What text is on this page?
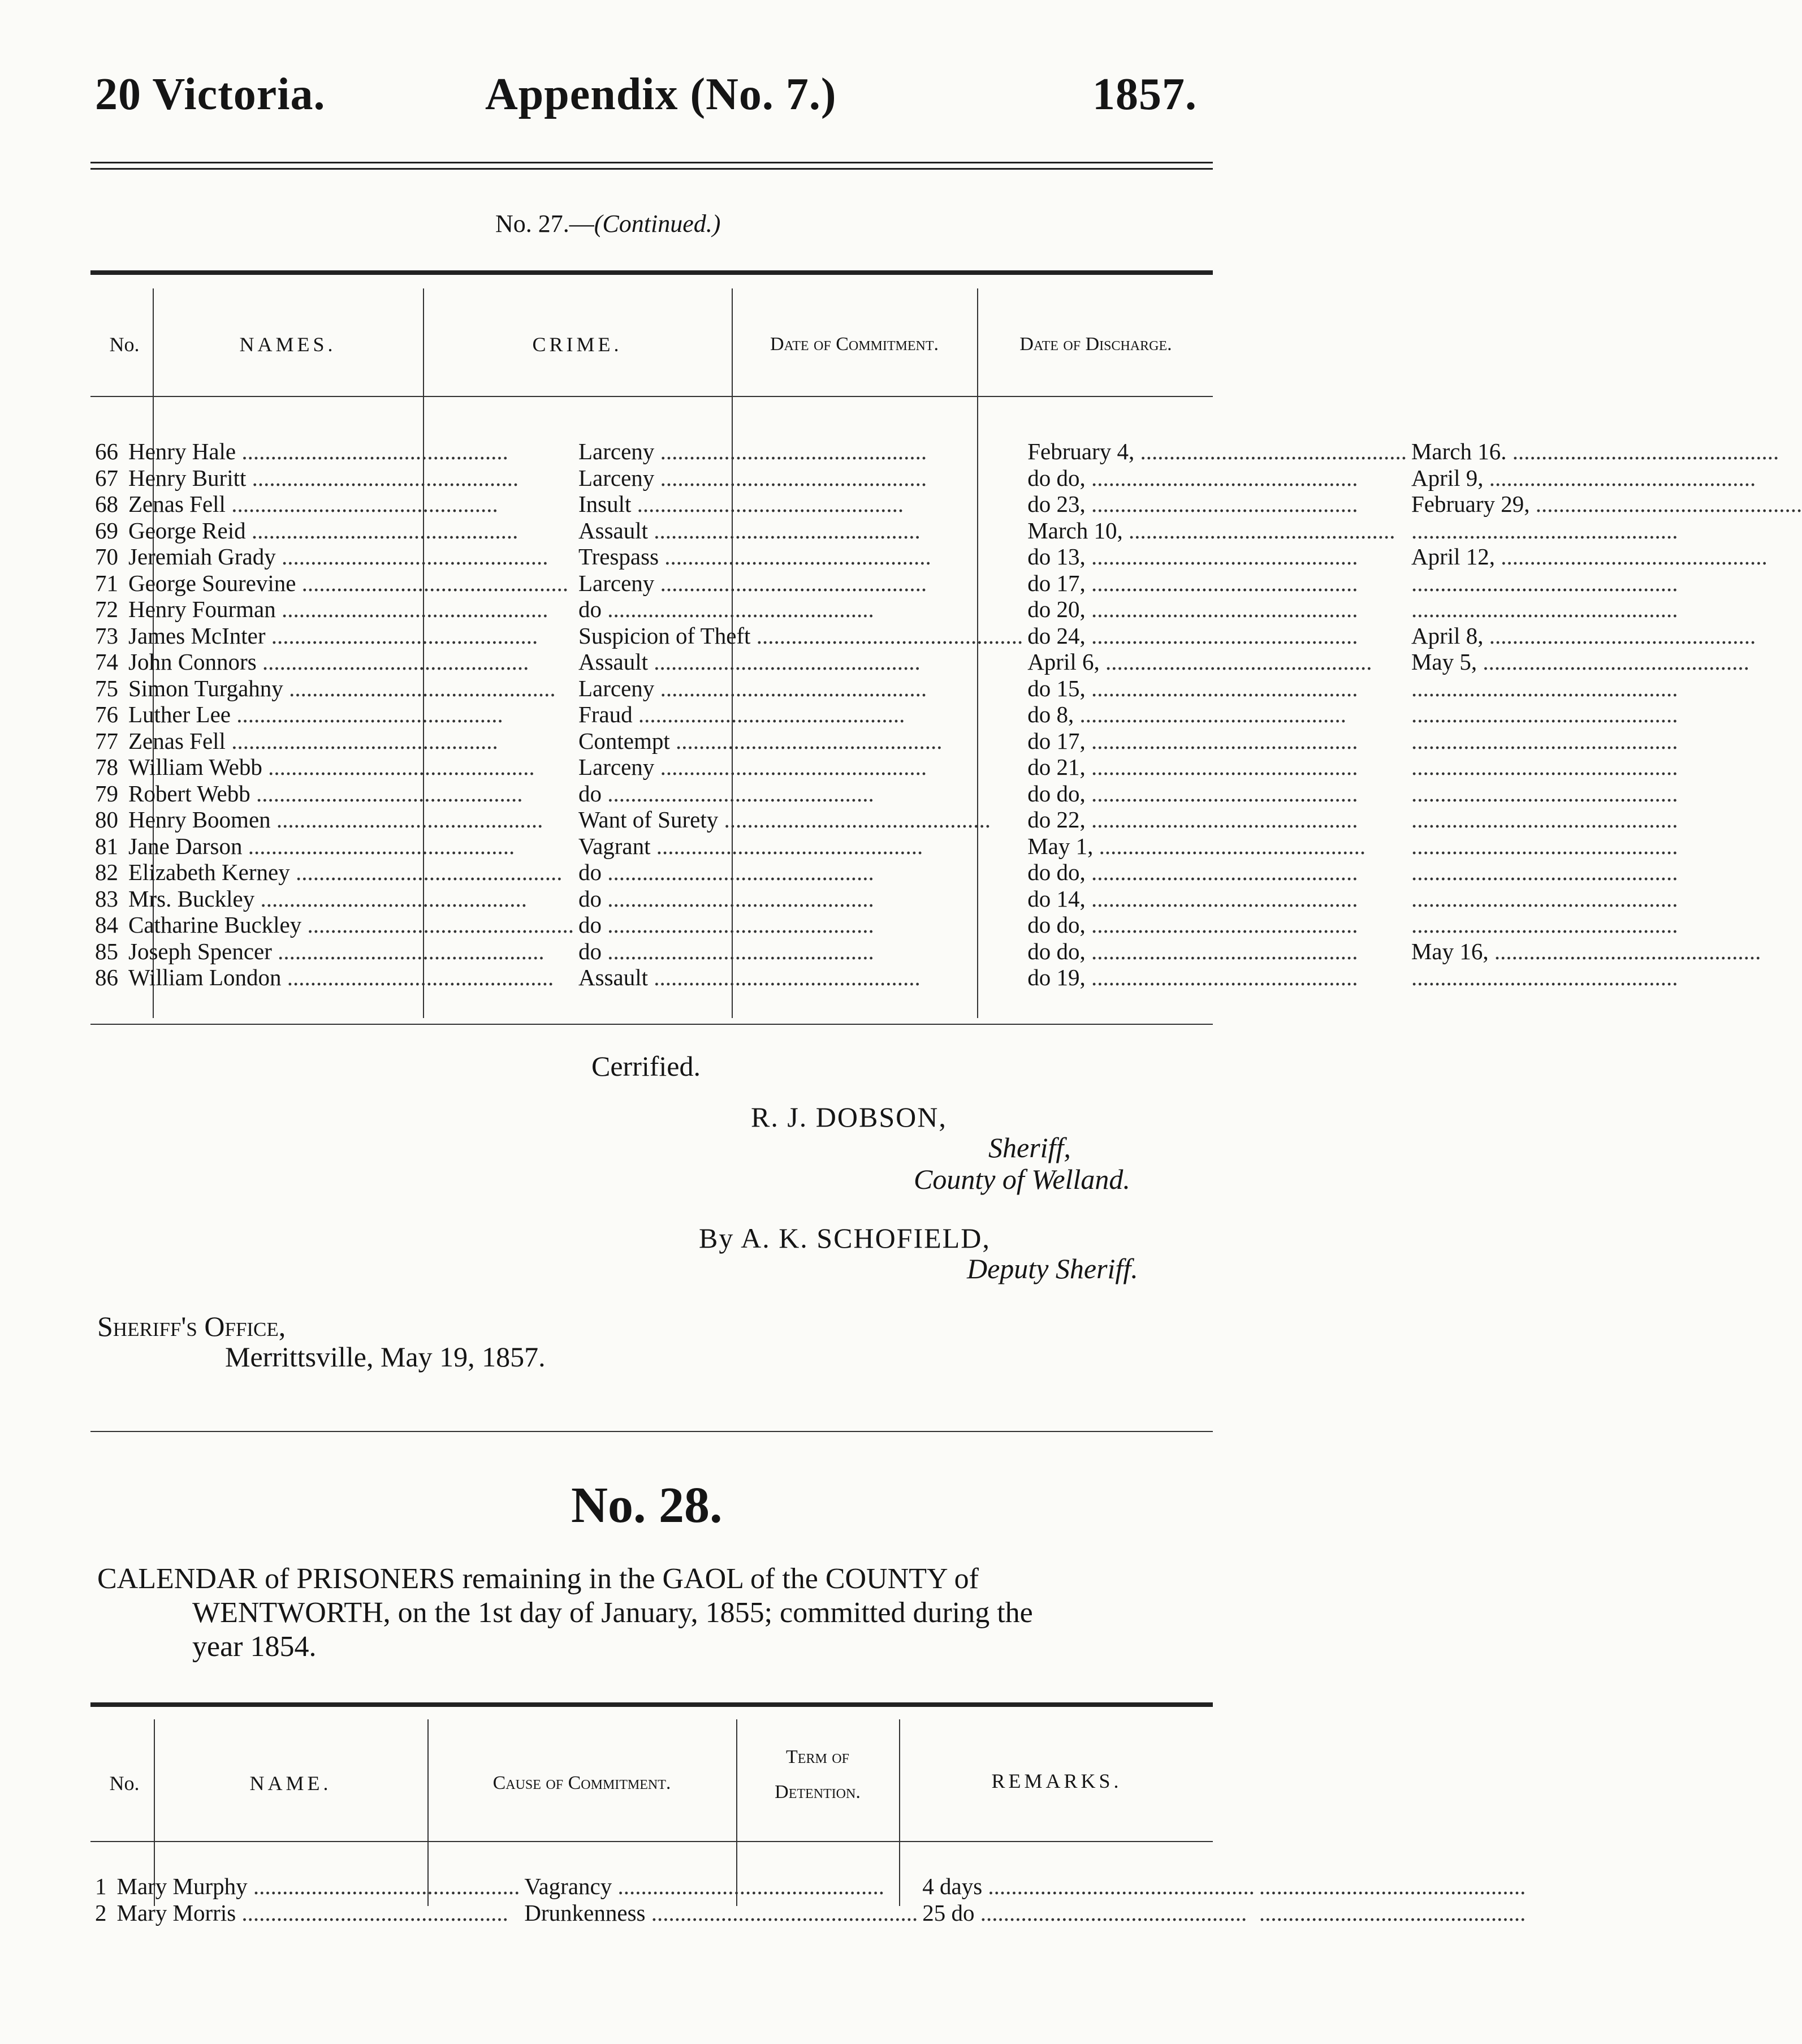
20 Victoria.	Appendix (No. 7.)	1857.
No. 27.—(Continued.)
No.	NAMES.	CRIME.	Date of Commitment.	Date of Discharge.
66	Henry Hale ..............................................	Larceny ..............................................	February 4, ..............................................	March 16. ..............................................
67	Henry Buritt ..............................................	Larceny ..............................................	do do, ..............................................	April 9, ..............................................
68	Zenas Fell ..............................................	Insult ..............................................	do 23, ..............................................	February 29, ..............................................
69	George Reid ..............................................	Assault ..............................................	March 10, ..............................................	..............................................
70	Jeremiah Grady ..............................................	Trespass ..............................................	do 13, ..............................................	April 12, ..............................................
71	George Sourevine ..............................................	Larceny ..............................................	do 17, ..............................................	..............................................
72	Henry Fourman ..............................................	do ..............................................	do 20, ..............................................	..............................................
73	James McInter ..............................................	Suspicion of Theft ..............................................	do 24, ..............................................	April 8, ..............................................
74	John Connors ..............................................	Assault ..............................................	April 6, ..............................................	May 5, ..............................................
75	Simon Turgahny ..............................................	Larceny ..............................................	do 15, ..............................................	..............................................
76	Luther Lee ..............................................	Fraud ..............................................	do 8, ..............................................	..............................................
77	Zenas Fell ..............................................	Contempt ..............................................	do 17, ..............................................	..............................................
78	William Webb ..............................................	Larceny ..............................................	do 21, ..............................................	..............................................
79	Robert Webb ..............................................	do ..............................................	do do, ..............................................	..............................................
80	Henry Boomen ..............................................	Want of Surety ..............................................	do 22, ..............................................	..............................................
81	Jane Darson ..............................................	Vagrant ..............................................	May 1, ..............................................	..............................................
82	Elizabeth Kerney ..............................................	do ..............................................	do do, ..............................................	..............................................
83	Mrs. Buckley ..............................................	do ..............................................	do 14, ..............................................	..............................................
84	Catharine Buckley ..............................................	do ..............................................	do do, ..............................................	..............................................
85	Joseph Spencer ..............................................	do ..............................................	do do, ..............................................	May 16, ..............................................
86	William London ..............................................	Assault ..............................................	do 19, ..............................................	..............................................
Cerrified.
R. J. DOBSON,
Sheriff,
County of Welland.
By A. K. SCHOFIELD,
Deputy Sheriff.
Sheriff's Office,
Merrittsville, May 19, 1857.
No. 28.
CALENDAR of PRISONERS remaining in the GAOL of the COUNTY of
WENTWORTH, on the 1st day of January, 1855; committed during the
year 1854.
No.	NAME.	Cause of Commitment.
Term of
Detention.	REMARKS.
1	Mary Murphy ..............................................	Vagrancy ..............................................	4 days ..............................................	..............................................
2	Mary Morris ..............................................	Drunkenness ..............................................	25 do ..............................................	..............................................
